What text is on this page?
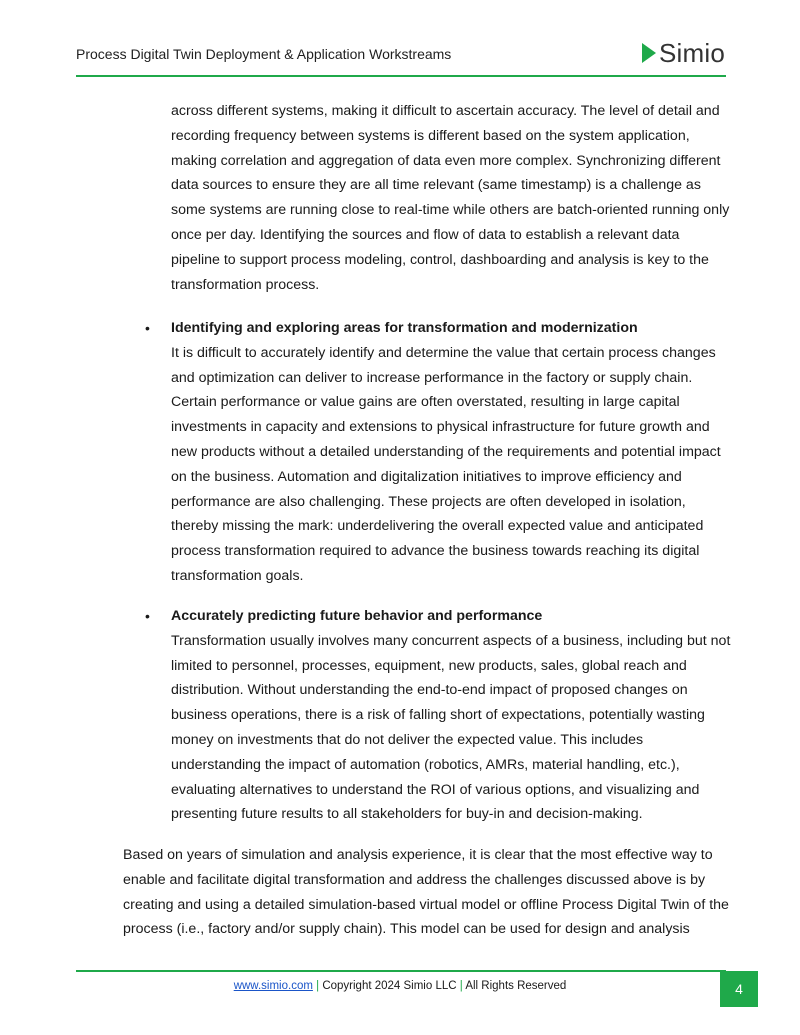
Process Digital Twin Deployment & Application Workstreams	Simio

across different systems, making it difficult to ascertain accuracy. The level of detail and recording frequency between systems is different based on the system application, making correlation and aggregation of data even more complex. Synchronizing different data sources to ensure they are all time relevant (same timestamp) is a challenge as some systems are running close to real-time while others are batch-oriented running only once per day. Identifying the sources and flow of data to establish a relevant data pipeline to support process modeling, control, dashboarding and analysis is key to the transformation process.

• Identifying and exploring areas for transformation and modernization
It is difficult to accurately identify and determine the value that certain process changes and optimization can deliver to increase performance in the factory or supply chain. Certain performance or value gains are often overstated, resulting in large capital investments in capacity and extensions to physical infrastructure for future growth and new products without a detailed understanding of the requirements and potential impact on the business. Automation and digitalization initiatives to improve efficiency and performance are also challenging. These projects are often developed in isolation, thereby missing the mark: underdelivering the overall expected value and anticipated process transformation required to advance the business towards reaching its digital transformation goals.
• Accurately predicting future behavior and performance
Transformation usually involves many concurrent aspects of a business, including but not limited to personnel, processes, equipment, new products, sales, global reach and distribution. Without understanding the end-to-end impact of proposed changes on business operations, there is a risk of falling short of expectations, potentially wasting money on investments that do not deliver the expected value. This includes understanding the impact of automation (robotics, AMRs, material handling, etc.), evaluating alternatives to understand the ROI of various options, and visualizing and presenting future results to all stakeholders for buy-in and decision-making.

Based on years of simulation and analysis experience, it is clear that the most effective way to enable and facilitate digital transformation and address the challenges discussed above is by creating and using a detailed simulation-based virtual model or offline Process Digital Twin of the process (i.e., factory and/or supply chain). This model can be used for design and analysis

www.simio.com | Copyright 2024 Simio LLC | All Rights Reserved	4
